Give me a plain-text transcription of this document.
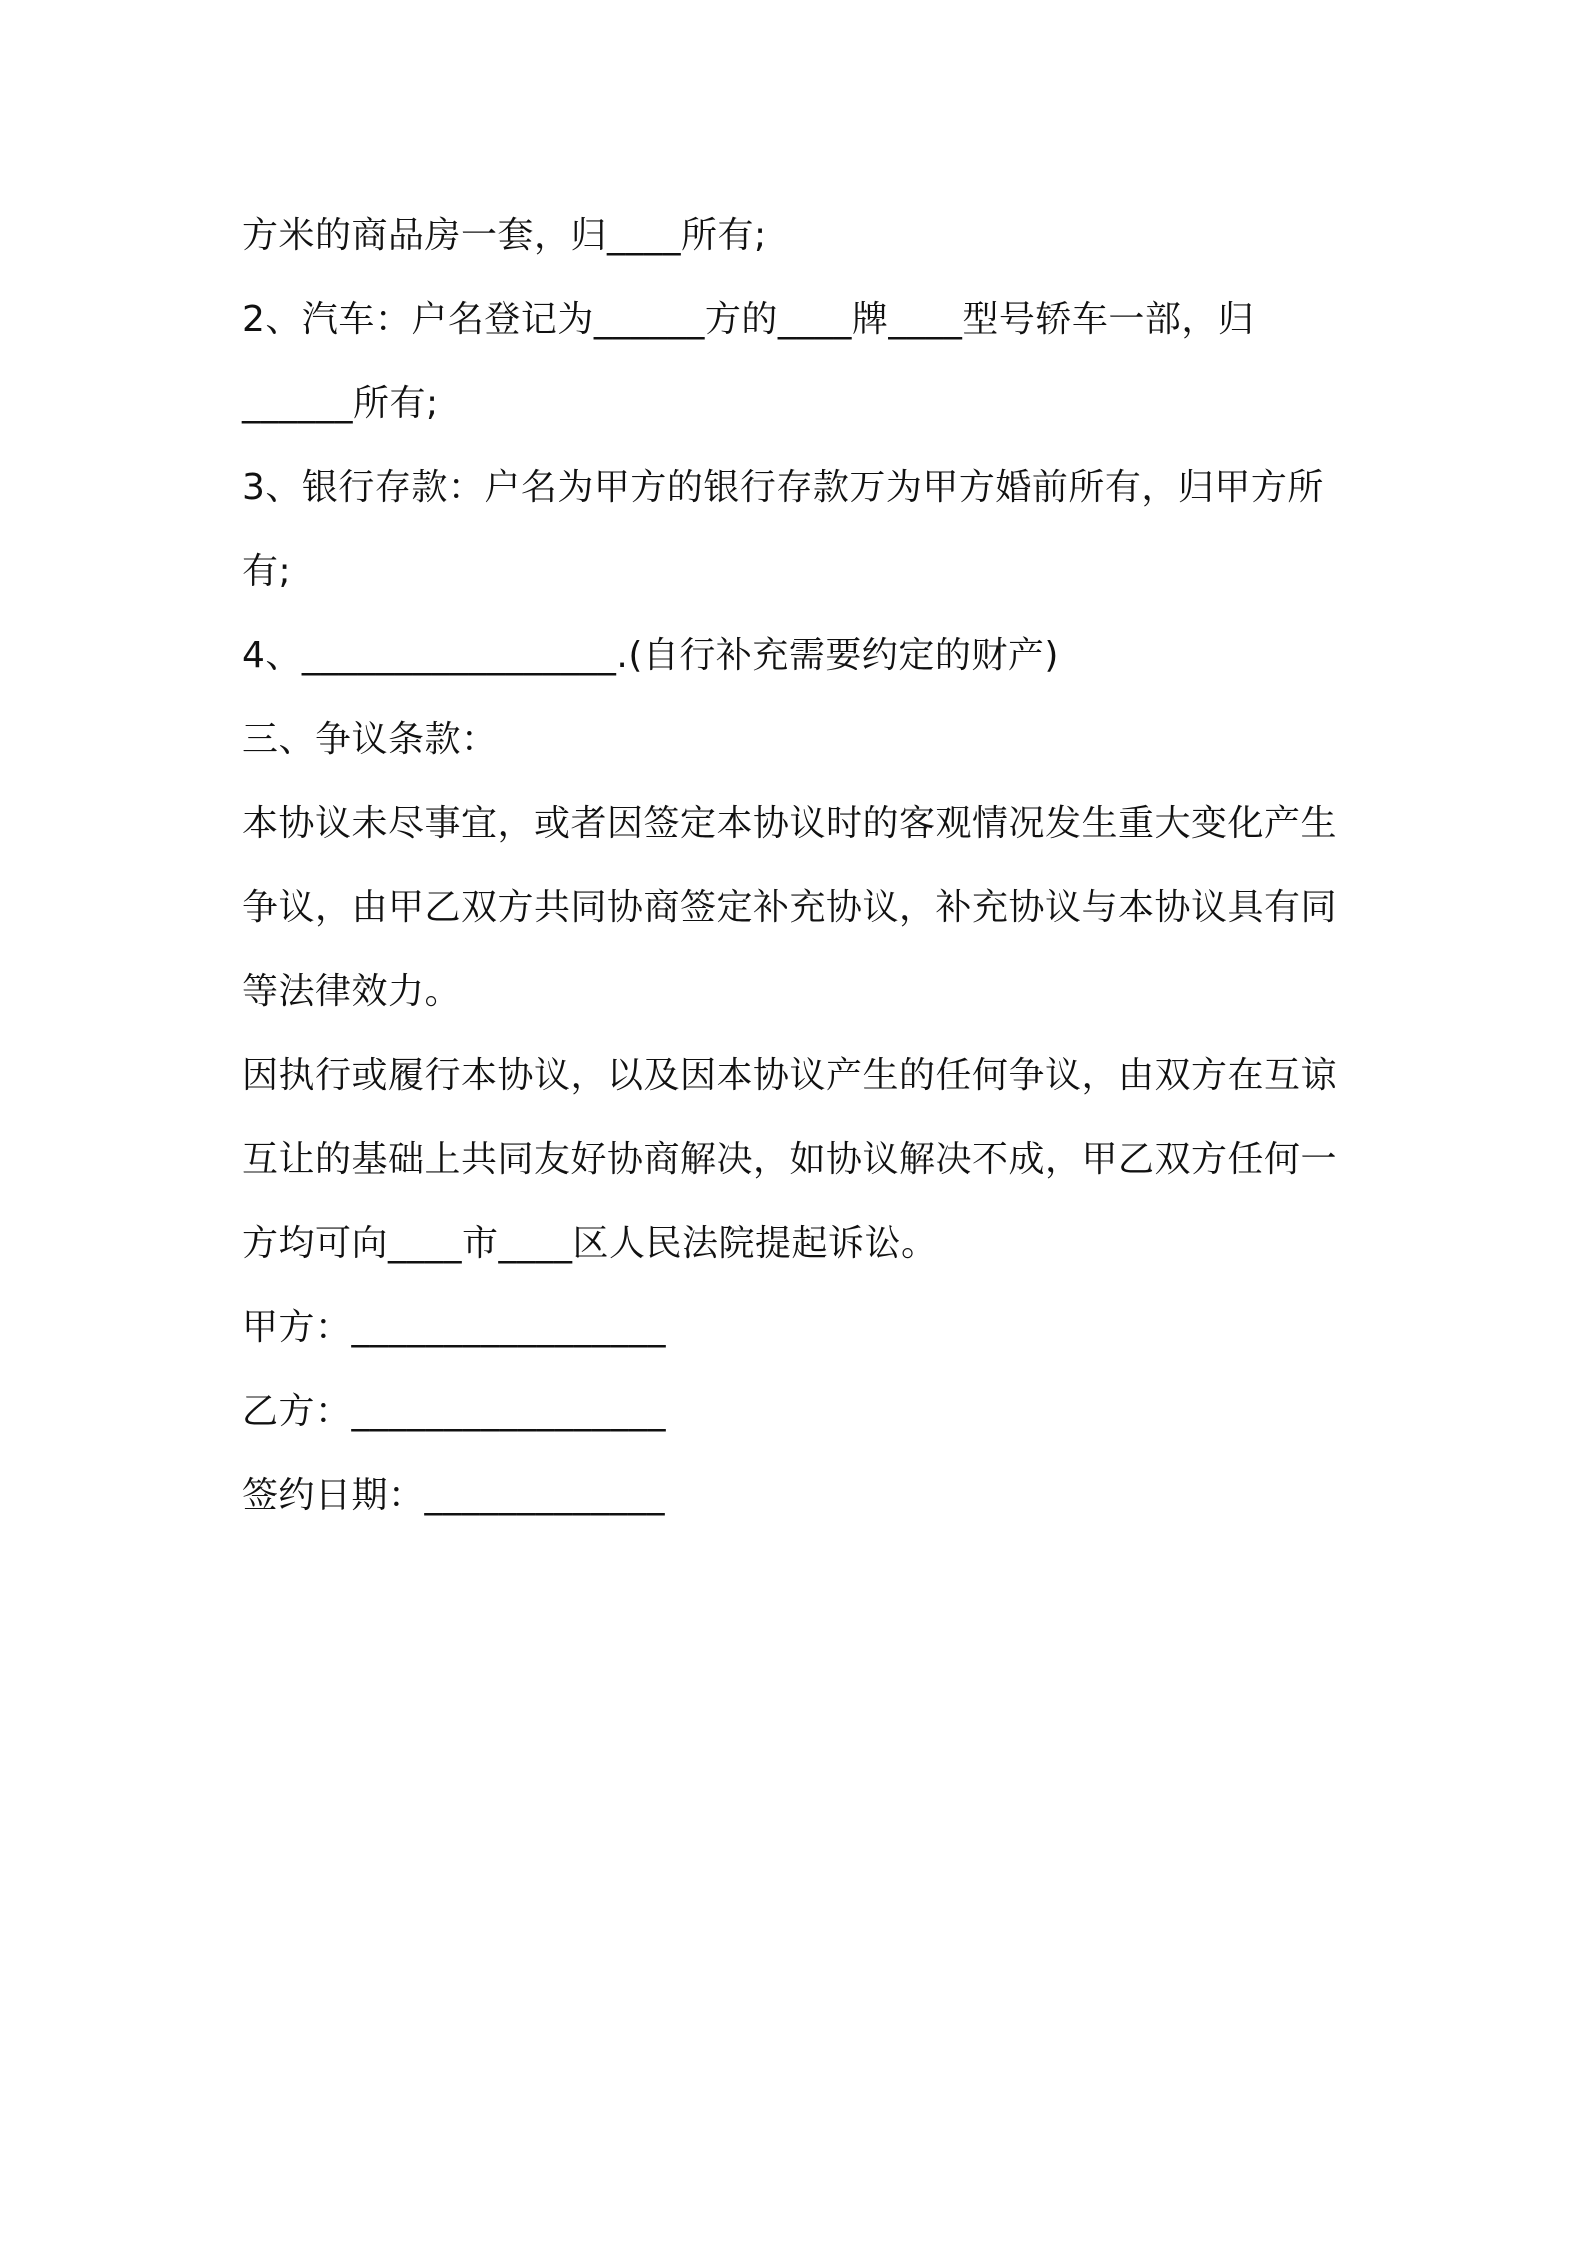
方米的商品房一套，归____所有;
2、汽车：户名登记为______方的____牌____型号轿车一部，归
______所有;
3、银行存款：户名为甲方的银行存款万为甲方婚前所有，归甲方所
有;
4、_________________.(自行补充需要约定的财产)
三、争议条款：
本协议未尽事宜，或者因签定本协议时的客观情况发生重大变化产生
争议，由甲乙双方共同协商签定补充协议，补充协议与本协议具有同
等法律效力。
因执行或履行本协议，以及因本协议产生的任何争议，由双方在互谅
互让的基础上共同友好协商解决，如协议解决不成，甲乙双方任何一
方均可向____市____区人民法院提起诉讼。
甲方：_________________
乙方：_________________
签约日期：_____________
